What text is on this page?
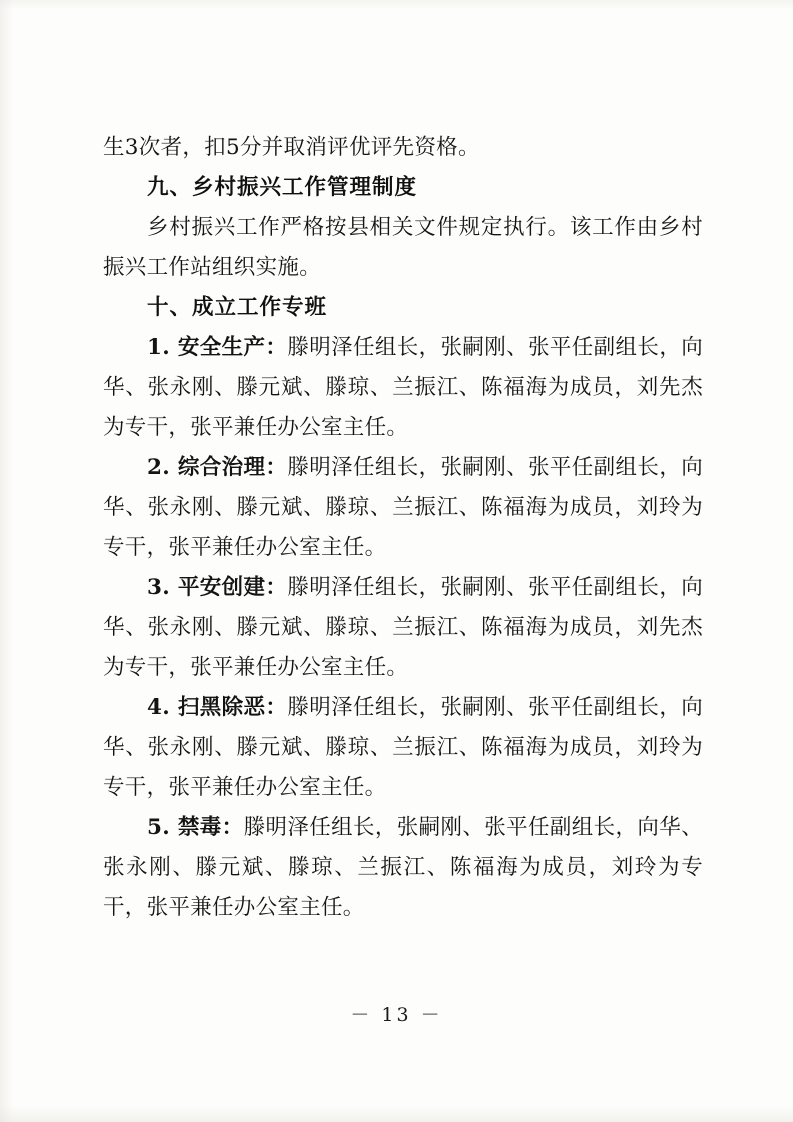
生3次者，扣5分并取消评优评先资格。

九、乡村振兴工作管理制度

乡村振兴工作严格按县相关文件规定执行。该工作由乡村振兴工作站组织实施。

十、成立工作专班

1. 安全生产：滕明泽任组长，张嗣刚、张平任副组长，向华、张永刚、滕元斌、滕琼、兰振江、陈福海为成员，刘先杰为专干，张平兼任办公室主任。

2. 综合治理：滕明泽任组长，张嗣刚、张平任副组长，向华、张永刚、滕元斌、滕琼、兰振江、陈福海为成员，刘玲为专干，张平兼任办公室主任。

3. 平安创建：滕明泽任组长，张嗣刚、张平任副组长，向华、张永刚、滕元斌、滕琼、兰振江、陈福海为成员，刘先杰为专干，张平兼任办公室主任。

4. 扫黑除恶：滕明泽任组长，张嗣刚、张平任副组长，向华、张永刚、滕元斌、滕琼、兰振江、陈福海为成员，刘玲为专干，张平兼任办公室主任。

5. 禁毒：滕明泽任组长，张嗣刚、张平任副组长，向华、张永刚、滕元斌、滕琼、兰振江、陈福海为成员，刘玲为专干，张平兼任办公室主任。

－ 13 －
